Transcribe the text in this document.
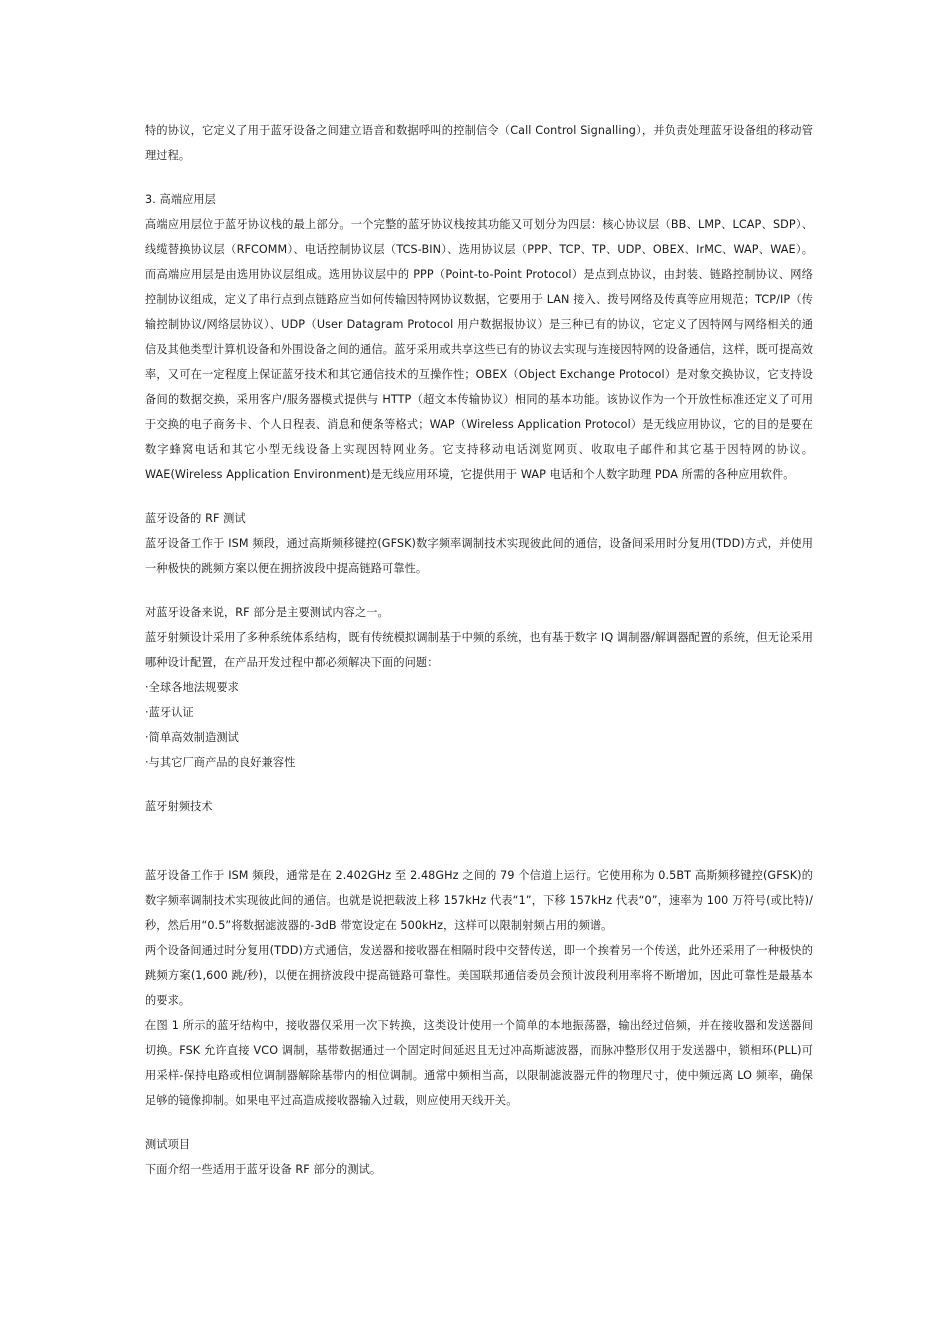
特的协议，它定义了用于蓝牙设备之间建立语音和数据呼叫的控制信令（Call Control Signalling），并负责处理蓝牙设备组的移动管理过程。

3. 高端应用层

高端应用层位于蓝牙协议栈的最上部分。一个完整的蓝牙协议栈按其功能又可划分为四层：核心协议层（BB、LMP、LCAP、SDP）、线缆替换协议层（RFCOMM）、电话控制协议层（TCS-BIN）、选用协议层（PPP、TCP、TP、UDP、OBEX、IrMC、WAP、WAE）。而高端应用层是由选用协议层组成。选用协议层中的 PPP（Point-to-Point Protocol）是点到点协议，由封装、链路控制协议、网络控制协议组成，定义了串行点到点链路应当如何传输因特网协议数据，它要用于 LAN 接入、拨号网络及传真等应用规范；TCP/IP（传输控制协议/网络层协议）、UDP（User Datagram Protocol 用户数据报协议）是三种已有的协议，它定义了因特网与网络相关的通信及其他类型计算机设备和外围设备之间的通信。蓝牙采用或共享这些已有的协议去实现与连接因特网的设备通信，这样，既可提高效率，又可在一定程度上保证蓝牙技术和其它通信技术的互操作性；OBEX（Object Exchange Protocol）是对象交换协议，它支持设备间的数据交换，采用客户/服务器模式提供与 HTTP（超文本传输协议）相同的基本功能。该协议作为一个开放性标准还定义了可用于交换的电子商务卡、个人日程表、消息和便条等格式；WAP（Wireless Application Protocol）是无线应用协议，它的目的是要在数字蜂窝电话和其它小型无线设备上实现因特网业务。它支持移动电话浏览网页、收取电子邮件和其它基于因特网的协议。WAE(Wireless Application Environment)是无线应用环境，它提供用于 WAP 电话和个人数字助理 PDA 所需的各种应用软件。

蓝牙设备的 RF 测试

蓝牙设备工作于 ISM 频段，通过高斯频移键控(GFSK)数字频率调制技术实现彼此间的通信，设备间采用时分复用(TDD)方式，并使用一种极快的跳频方案以便在拥挤波段中提高链路可靠性。

对蓝牙设备来说，RF 部分是主要测试内容之一。

蓝牙射频设计采用了多种系统体系结构，既有传统模拟调制基于中频的系统，也有基于数字 IQ 调制器/解调器配置的系统，但无论采用哪种设计配置，在产品开发过程中都必须解决下面的问题：

·全球各地法规要求

·蓝牙认证

·简单高效制造测试

·与其它厂商产品的良好兼容性

蓝牙射频技术

蓝牙设备工作于 ISM 频段，通常是在 2.402GHz 至 2.48GHz 之间的 79 个信道上运行。它使用称为 0.5BT 高斯频移键控(GFSK)的数字频率调制技术实现彼此间的通信。也就是说把载波上移 157kHz 代表“1”，下移 157kHz 代表“0”，速率为 100 万符号(或比特)/秒，然后用“0.5”将数据滤波器的-3dB 带宽设定在 500kHz，这样可以限制射频占用的频谱。

两个设备间通过时分复用(TDD)方式通信，发送器和接收器在相隔时段中交替传送，即一个挨着另一个传送，此外还采用了一种极快的跳频方案(1,600 跳/秒)，以便在拥挤波段中提高链路可靠性。美国联邦通信委员会预计波段利用率将不断增加，因此可靠性是最基本的要求。

在图 1 所示的蓝牙结构中，接收器仅采用一次下转换，这类设计使用一个简单的本地振荡器，输出经过倍频，并在接收器和发送器间切换。FSK 允许直接 VCO 调制，基带数据通过一个固定时间延迟且无过冲高斯滤波器，而脉冲整形仅用于发送器中，锁相环(PLL)可用采样-保持电路或相位调制器解除基带内的相位调制。通常中频相当高，以限制滤波器元件的物理尺寸，使中频远离 LO 频率，确保足够的镜像抑制。如果电平过高造成接收器输入过载，则应使用天线开关。

测试项目

下面介绍一些适用于蓝牙设备 RF 部分的测试。
